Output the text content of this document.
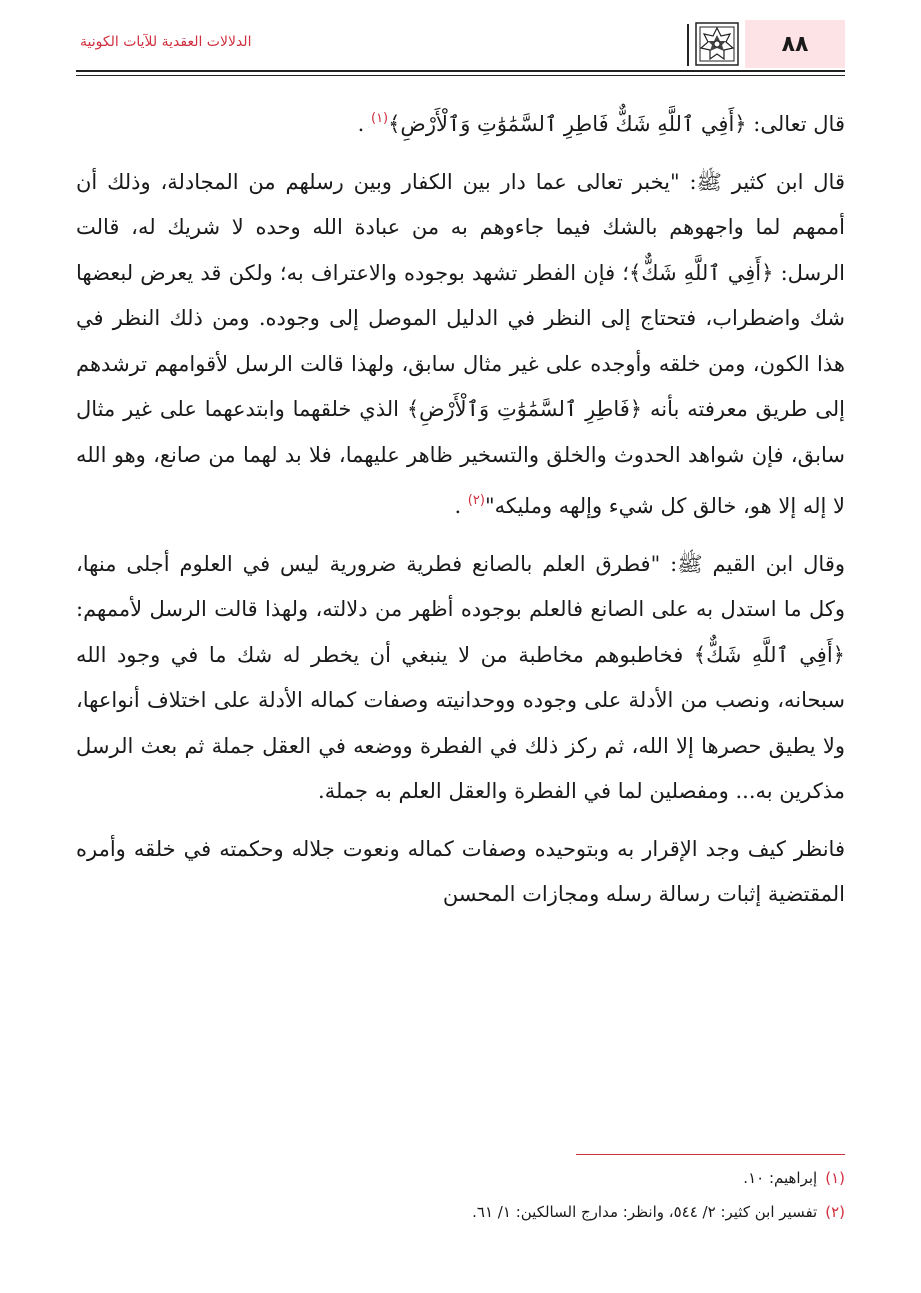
٨٨
الدلالات العقدية للآيات الكونية

قال تعالى: ﴿أَفِي ٱللَّهِ شَكٌّ فَاطِرِ ٱلسَّمَٰوَٰتِ وَٱلْأَرْضِ﴾$^{(١)}$ .

قال ابن كثير ﷺ: "يخبر تعالى عما دار بين الكفار وبين رسلهم من المجادلة، وذلك أن أممهم لما واجهوهم بالشك فيما جاءوهم به من عبادة الله وحده لا شريك له، قالت الرسل: ﴿أَفِي ٱللَّهِ شَكٌّ﴾؛ فإن الفطر تشهد بوجوده والاعتراف به؛ ولكن قد يعرض لبعضها شك واضطراب، فتحتاج إلى النظر في الدليل الموصل إلى وجوده. ومن ذلك النظر في هذا الكون، ومن خلقه وأوجده على غير مثال سابق، ولهذا قالت الرسل لأقوامهم ترشدهم إلى طريق معرفته بأنه ﴿فَاطِرِ ٱلسَّمَٰوَٰتِ وَٱلْأَرْضِ﴾ الذي خلقهما وابتدعهما على غير مثال سابق، فإن شواهد الحدوث والخلق والتسخير ظاهر عليهما، فلا بد لهما من صانع، وهو الله لا إله إلا هو، خالق كل شيء وإلهه ومليكه"$^{(٢)}$ .

وقال ابن القيم ﷺ: "فطرق العلم بالصانع فطرية ضرورية ليس في العلوم أجلى منها، وكل ما استدل به على الصانع فالعلم بوجوده أظهر من دلالته، ولهذا قالت الرسل لأممهم: ﴿أَفِي ٱللَّهِ شَكٌّ﴾ فخاطبوهم مخاطبة من لا ينبغي أن يخطر له شك ما في وجود الله سبحانه، ونصب من الأدلة على وجوده ووحدانيته وصفات كماله الأدلة على اختلاف أنواعها، ولا يطيق حصرها إلا الله، ثم ركز ذلك في الفطرة ووضعه في العقل جملة ثم بعث الرسل مذكرين به... ومفصلين لما في الفطرة والعقل العلم به جملة.

فانظر كيف وجد الإقرار به وبتوحيده وصفات كماله ونعوت جلاله وحكمته في خلقه وأمره المقتضية إثبات رسالة رسله ومجازات المحسن

(١)إبراهيم: ١٠.

(٢)تفسير ابن كثير: ٢/ ٥٤٤، وانظر: مدارج السالكين: ١/ ٦١.
